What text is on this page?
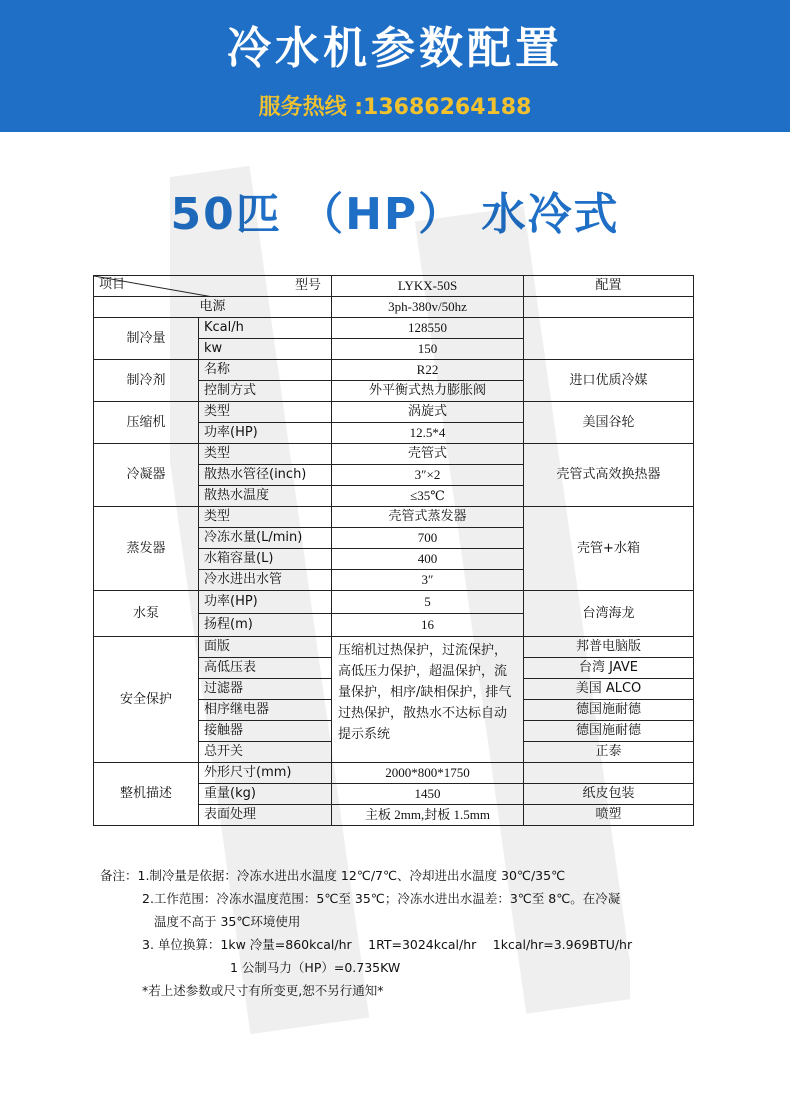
冷水机参数配置
服务热线 :13686264188
50匹 （HP） 水冷式
型号
项目		LYKX-50S	配置
电源		3ph-380v/50hz	
制冷量	Kcal/h	128550	
	kw	150	
制冷剂	名称	R22	进口优质冷媒
	控制方式	外平衡式热力膨胀阀	
压缩机	类型	涡旋式	美国谷轮
	功率(HP)	12.5*4	
冷凝器	类型	壳管式	壳管式高效换热器
	散热水管径(inch)	3″×2	
	散热水温度	≤35℃	
蒸发器	类型	壳管式蒸发器	壳管+水箱
	冷冻水量(L/min)	700	
	水箱容量(L)	400	
	冷水进出水管	3″	
水泵	功率(HP)	5	台湾海龙
	扬程(m)	16	
安全保护	面版	压缩机过热保护，过流保护，高低压力保护，超温保护，流量保护，相序/缺相保护，排气过热保护，散热水不达标自动提示系统	邦普电脑版
	高低压表		台湾 JAVE
	过滤器		美国 ALCO
	相序继电器		德国施耐德
	接触器		德国施耐德
	总开关		正泰
整机描述	外形尺寸(mm)	2000*800*1750	
	重量(kg)	1450	纸皮包装
	表面处理	主板 2mm,封板 1.5mm	喷塑
备注：1.制冷量是依据：冷冻水进出水温度 12℃/7℃、冷却进出水温度 30℃/35℃
2.工作范围：冷冻水温度范围：5℃至 35℃；冷冻水进出水温差：3℃至 8℃。在冷凝
温度不高于 35℃环境使用
3. 单位换算：1kw 冷量=860kcal/hr　 1RT=3024kcal/hr　 1kcal/hr=3.969BTU/hr
1 公制马力（HP）=0.735KW
*若上述参数或尺寸有所变更,恕不另行通知*
